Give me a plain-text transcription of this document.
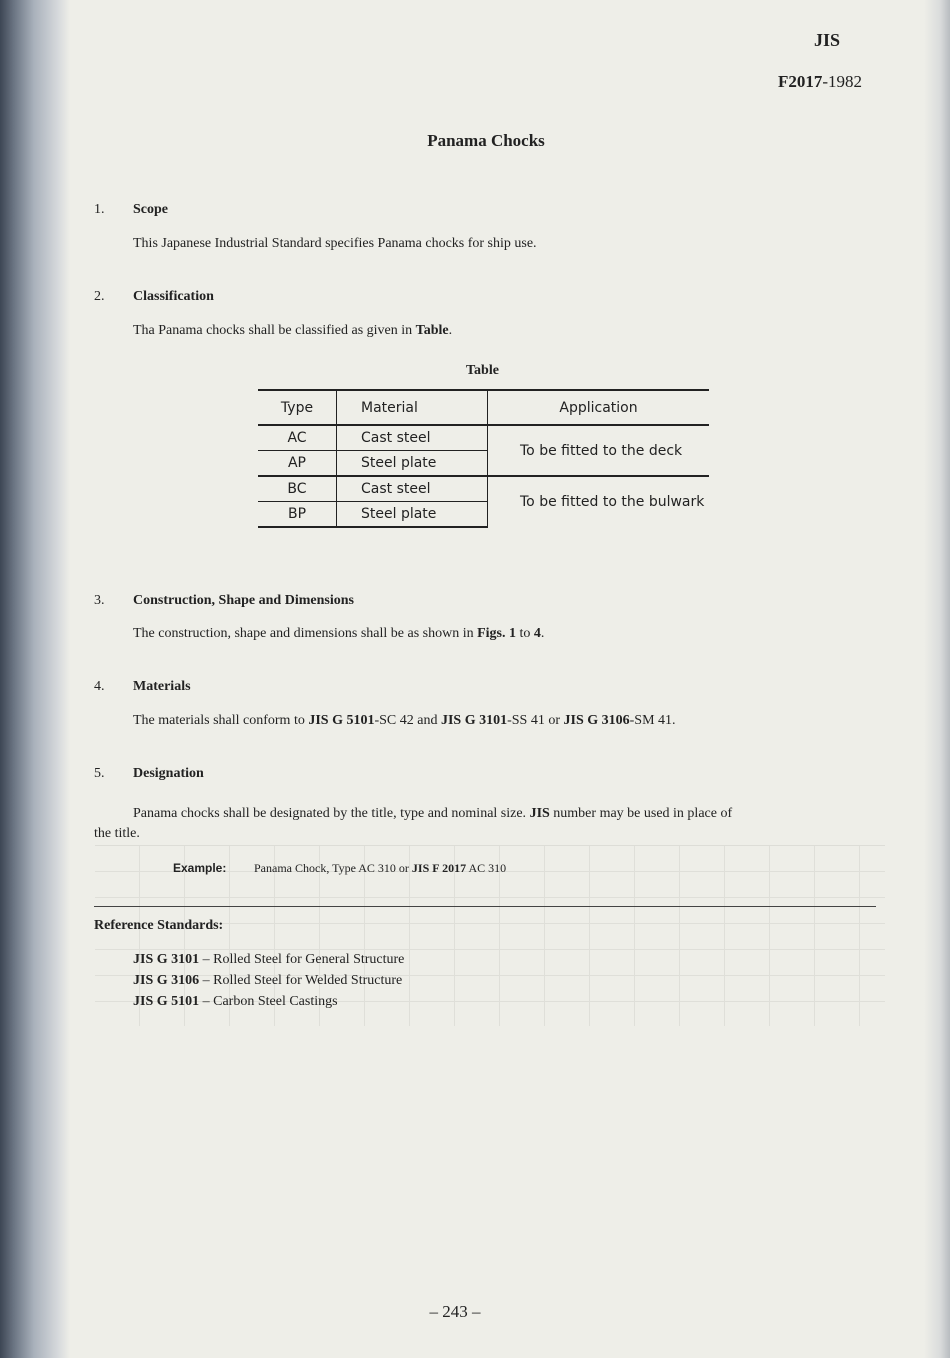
JIS
F2017-1982
Panama Chocks
1. Scope
This Japanese Industrial Standard specifies Panama chocks for ship use.
2. Classification
Tha Panama chocks shall be classified as given in Table.
Table
Type	Material	Application
AC	Cast steel	To be fitted to the deck
AP	Steel plate	
BC	Cast steel	To be fitted to the bulwark
BP	Steel plate	
3. Construction, Shape and Dimensions
The construction, shape and dimensions shall be as shown in Figs. 1 to 4.
4. Materials
The materials shall conform to JIS G 5101-SC 42 and JIS G 3101-SS 41 or JIS G 3106-SM 41.
5. Designation
Panama chocks shall be designated by the title, type and nominal size. JIS number may be used in place of
the title.
Example: Panama Chock, Type AC 310 or JIS F 2017 AC 310
Reference Standards:
JIS G 3101 – Rolled Steel for General Structure
JIS G 3106 – Rolled Steel for Welded Structure
JIS G 5101 – Carbon Steel Castings
– 243 –
